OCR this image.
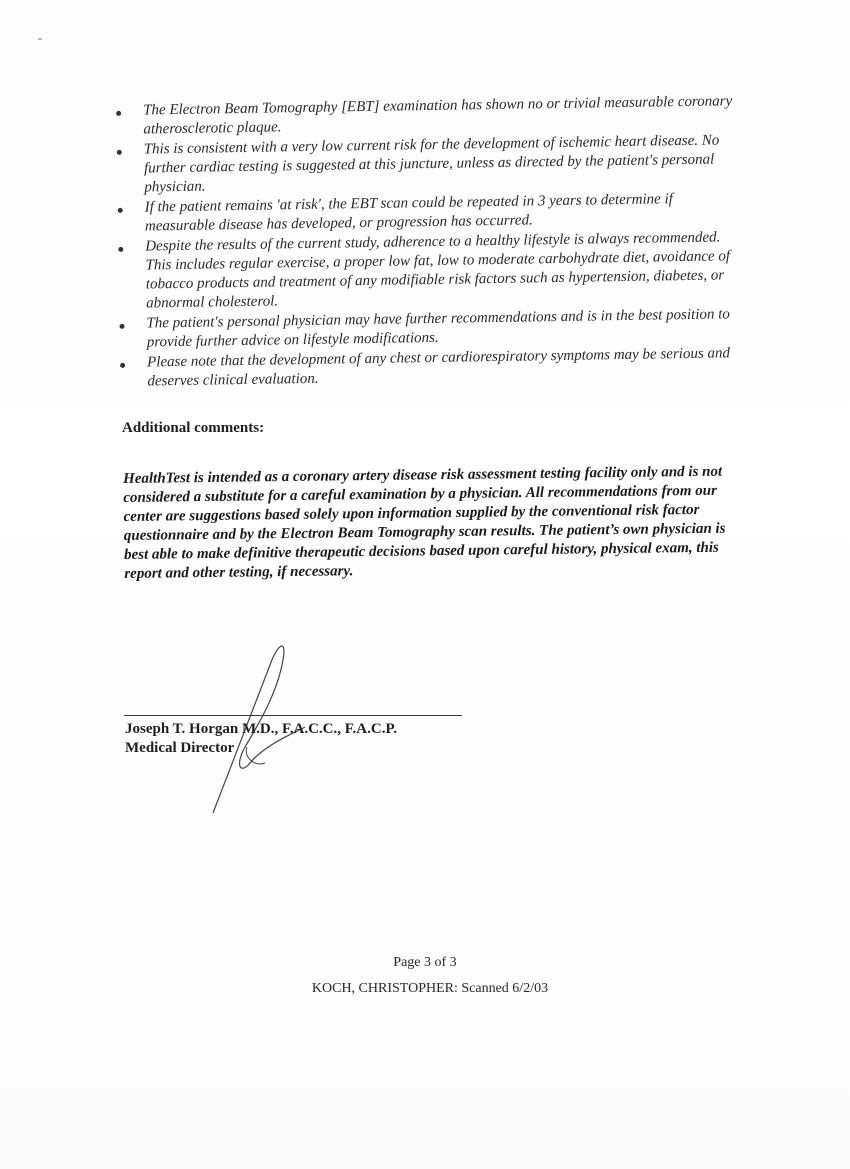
The Electron Beam Tomography [EBT] examination has shown no or trivial measurable coronary atherosclerotic plaque.
This is consistent with a very low current risk for the development of ischemic heart disease. No further cardiac testing is suggested at this juncture, unless as directed by the patient's personal physician.
If the patient remains 'at risk', the EBT scan could be repeated in 3 years to determine if measurable disease has developed, or progression has occurred.
Despite the results of the current study, adherence to a healthy lifestyle is always recommended. This includes regular exercise, a proper low fat, low to moderate carbohydrate diet, avoidance of tobacco products and treatment of any modifiable risk factors such as hypertension, diabetes, or abnormal cholesterol.
The patient's personal physician may have further recommendations and is in the best position to provide further advice on lifestyle modifications.
Please note that the development of any chest or cardiorespiratory symptoms may be serious and deserves clinical evaluation.
Additional comments:
HealthTest is intended as a coronary artery disease risk assessment testing facility only and is not considered a substitute for a careful examination by a physician. All recommendations from our center are suggestions based solely upon information supplied by the conventional risk factor questionnaire and by the Electron Beam Tomography scan results. The patient’s own physician is best able to make definitive therapeutic decisions based upon careful history, physical exam, this report and other testing, if necessary.
Joseph T. Horgan M.D., F.A.C.C., F.A.C.P.
Medical Director
Page 3 of 3
KOCH, CHRISTOPHER: Scanned 6/2/03
